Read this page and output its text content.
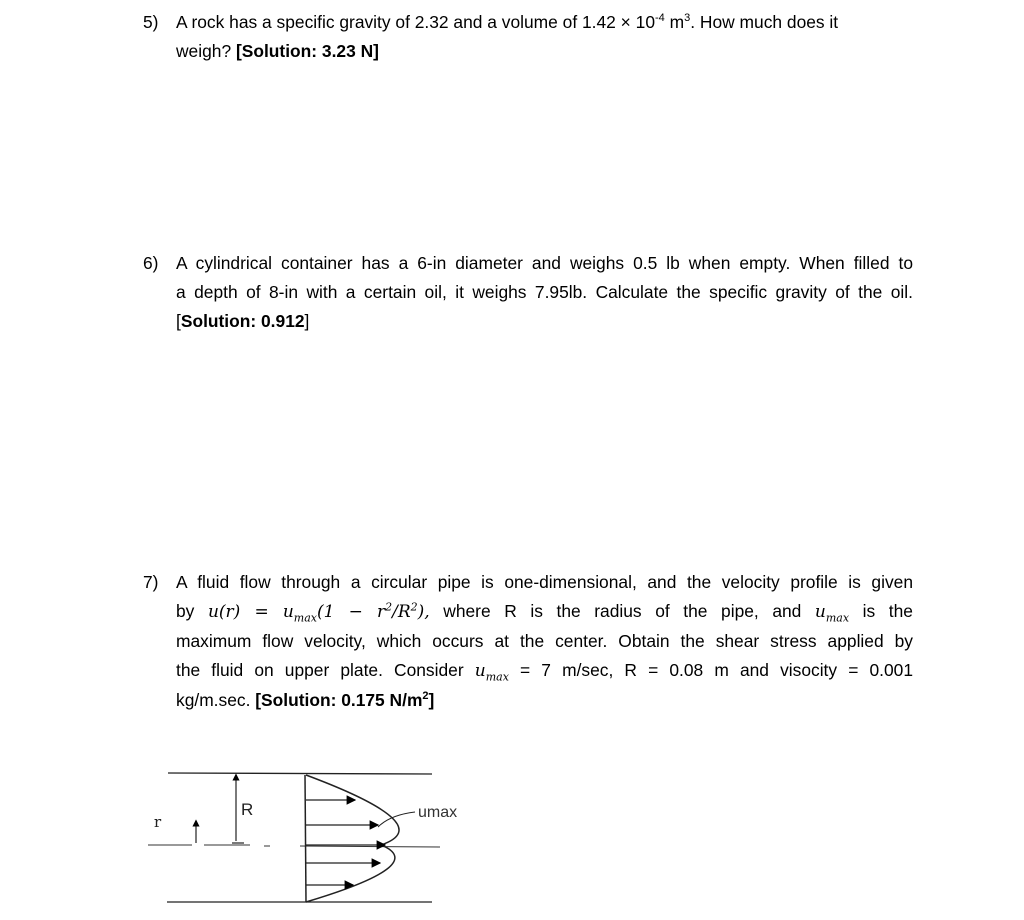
5)	A rock has a specific gravity of 2.32 and a volume of $1.42 \times 10^{-4}$ $m^3$. How much does it
weigh? [Solution: 3.23 N]
6)	A cylindrical container has a 6-in diameter and weighs 0.5 lb when empty. When filled to
a depth of 8-in with a certain oil, it weighs 7.95lb. Calculate the specific gravity of the oil.
[Solution: 0.912]
7)	A fluid flow through a circular pipe is one-dimensional, and the velocity profile is given
by $u(r) = u_{max}(1 - r^2/R^2)$, where R is the radius of the pipe, and $u_{max}$ is the
maximum flow velocity, which occurs at the center. Obtain the shear stress applied by
the fluid on upper plate. Consider $u_{max} = 7$ m/sec, R = 0.08 m and visocity = 0.001
kg/m.sec. [Solution: 0.175 $N/m^2$]
R
r
umax
